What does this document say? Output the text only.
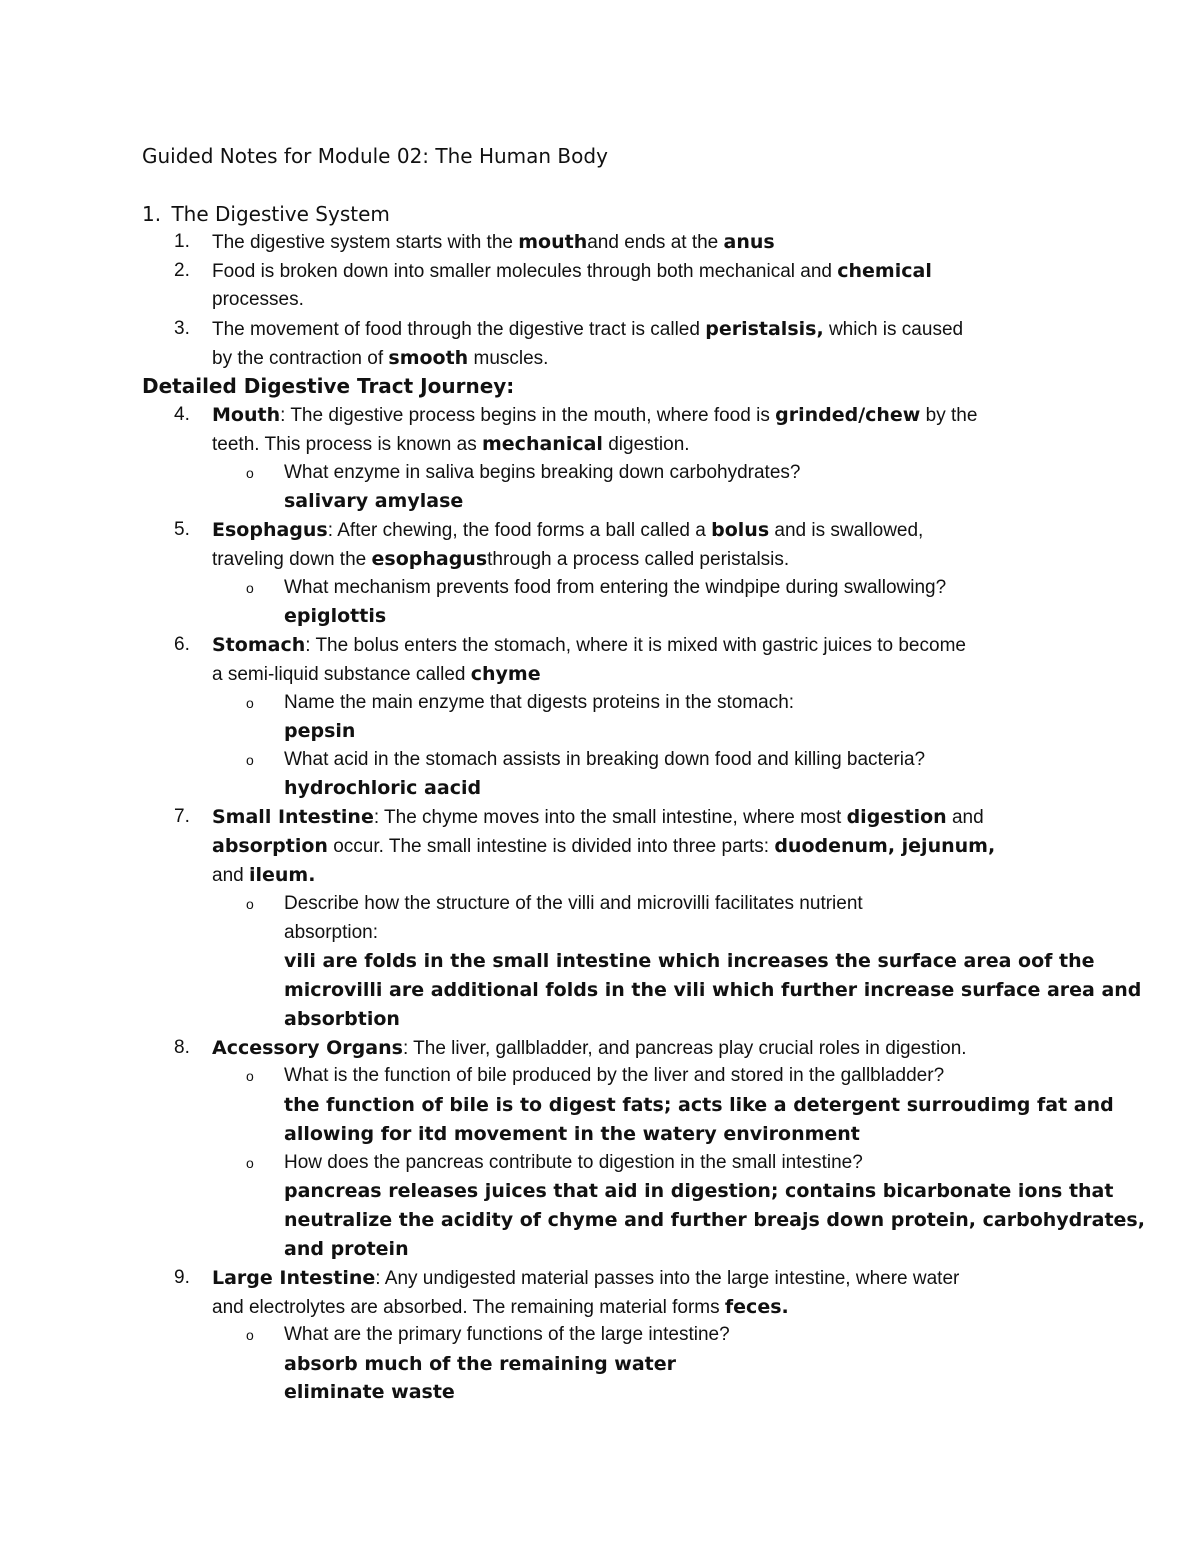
Guided Notes for Module 02: The Human Body
1. The Digestive System
1.	The digestive system starts with the mouthand ends at the anus
2.	Food is broken down into smaller molecules through both mechanical and chemical
processes.
3.	The movement of food through the digestive tract is called peristalsis, which is caused
by the contraction of smooth muscles.
Detailed Digestive Tract Journey:
4.	Mouth: The digestive process begins in the mouth, where food is grinded/chew by the
teeth. This process is known as mechanical digestion.
o	What enzyme in saliva begins breaking down carbohydrates?
salivary amylase
5.	Esophagus: After chewing, the food forms a ball called a bolus and is swallowed,
traveling down the esophagusthrough a process called peristalsis.
o	What mechanism prevents food from entering the windpipe during swallowing?
epiglottis
6.	Stomach: The bolus enters the stomach, where it is mixed with gastric juices to become
a semi-liquid substance called chyme
o	Name the main enzyme that digests proteins in the stomach:
pepsin
o	What acid in the stomach assists in breaking down food and killing bacteria?
hydrochloric aacid
7.	Small Intestine: The chyme moves into the small intestine, where most digestion and
absorption occur. The small intestine is divided into three parts: duodenum, jejunum,
and ileum.
o	Describe how the structure of the villi and microvilli facilitates nutrient
absorption:
vili are folds in the small intestine which increases the surface area oof the
microvilli are additional folds in the vili which further increase surface area and
absorbtion
8.	Accessory Organs: The liver, gallbladder, and pancreas play crucial roles in digestion.
o	What is the function of bile produced by the liver and stored in the gallbladder?
the function of bile is to digest fats; acts like a detergent surroudimg fat and
allowing for itd movement in the watery environment
o	How does the pancreas contribute to digestion in the small intestine?
pancreas releases juices that aid in digestion; contains bicarbonate ions that
neutralize the acidity of chyme and further breajs down protein, carbohydrates,
and protein
9.	Large Intestine: Any undigested material passes into the large intestine, where water
and electrolytes are absorbed. The remaining material forms feces.
o	What are the primary functions of the large intestine?
absorb much of the remaining water
eliminate waste
